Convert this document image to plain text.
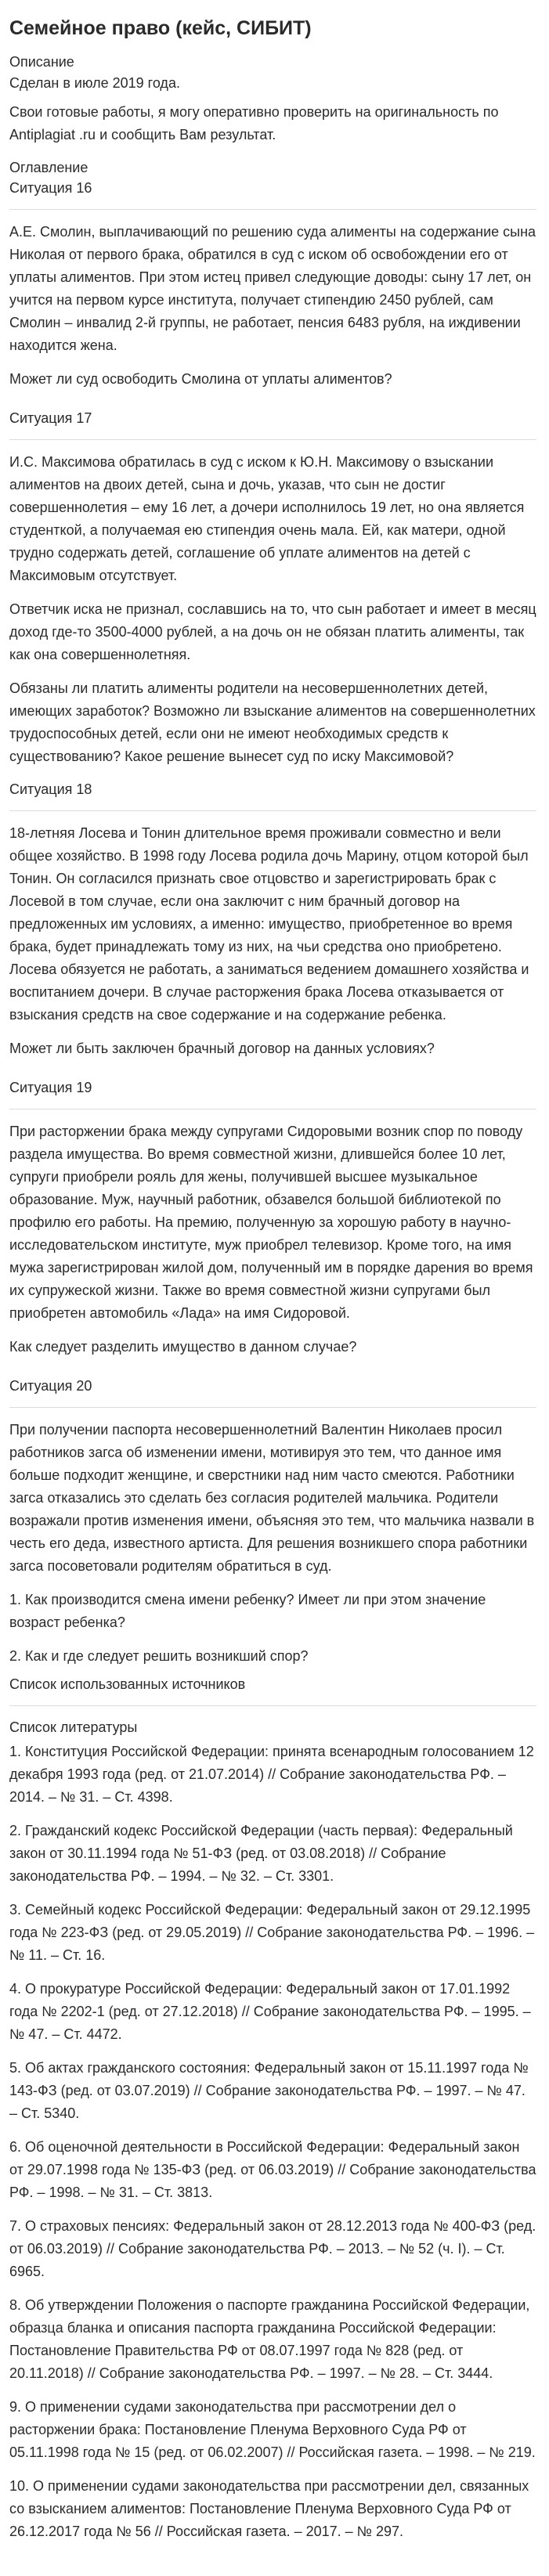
Семейное право (кейс, СИБИТ)
Описание

Сделан в июле 2019 года.

Свои готовые работы, я могу оперативно проверить на оригинальность по Antiplagiat .ru и сообщить Вам результат.

Оглавление
Ситуация 16

А.Е. Смолин, выплачивающий по решению суда алименты на содержание сына Николая от первого брака, обратился в суд с иском об освобождении его от уплаты алиментов. При этом истец привел следующие доводы: сыну 17 лет, он учится на первом курсе института, получает стипендию 2450 рублей, сам Смолин – инвалид 2-й группы, не работает, пенсия 6483 рубля, на иждивении находится жена.

Может ли суд освободить Смолина от уплаты алиментов?

Ситуация 17

И.С. Максимова обратилась в суд с иском к Ю.Н. Максимову о взыскании алиментов на двоих детей, сына и дочь, указав, что сын не достиг совершеннолетия – ему 16 лет, а дочери исполнилось 19 лет, но она является студенткой, а получаемая ею стипендия очень мала. Ей, как матери, одной трудно содержать детей, соглашение об уплате алиментов на детей с Максимовым отсутствует.

Ответчик иска не признал, сославшись на то, что сын работает и имеет в месяц доход где-то 3500-4000 рублей, а на дочь он не обязан платить алименты, так как она совершеннолетняя.

Обязаны ли платить алименты родители на несовершеннолетних детей, имеющих заработок? Возможно ли взыскание алиментов на совершеннолетних трудоспособных детей, если они не имеют необходимых средств к существованию? Какое решение вынесет суд по иску Максимовой?

Ситуация 18

18-летняя Лосева и Тонин длительное время проживали совместно и вели общее хозяйство. В 1998 году Лосева родила дочь Марину, отцом которой был Тонин. Он согласился признать свое отцовство и зарегистрировать брак с Лосевой в том случае, если она заключит с ним брачный договор на предложенных им условиях, а именно: имущество, приобретенное во время брака, будет принадлежать тому из них, на чьи средства оно приобретено. Лосева обязуется не работать, а заниматься ведением домашнего хозяйства и воспитанием дочери. В случае расторжения брака Лосева отказывается от взыскания средств на свое содержание и на содержание ребенка.

Может ли быть заключен брачный договор на данных условиях?

Ситуация 19

При расторжении брака между супругами Сидоровыми возник спор по поводу раздела имущества. Во время совместной жизни, длившейся более 10 лет, супруги приобрели рояль для жены, получившей высшее музыкальное образование. Муж, научный работник, обзавелся большой библиотекой по профилю его работы. На премию, полученную за хорошую работу в научно-исследовательском институте, муж приобрел телевизор. Кроме того, на имя мужа зарегистрирован жилой дом, полученный им в порядке дарения во время их супружеской жизни. Также во время совместной жизни супругами был приобретен автомобиль «Лада» на имя Сидоровой.

Как следует разделить имущество в данном случае?

Ситуация 20

При получении паспорта несовершеннолетний Валентин Николаев просил работников загса об изменении имени, мотивируя это тем, что данное имя больше подходит женщине, и сверстники над ним часто смеются. Работники загса отказались это сделать без согласия родителей мальчика. Родители возражали против изменения имени, объясняя это тем, что мальчика назвали в честь его деда, известного артиста. Для решения возникшего спора работники загса посоветовали родителям обратиться в суд.

1. Как производится смена имени ребенку? Имеет ли при этом значение возраст ребенка?

2. Как и где следует решить возникший спор?

Список использованных источников
Список литературы

1. Конституция Российской Федерации: принята всенародным голосованием 12 декабря 1993 года (ред. от 21.07.2014) // Собрание законодательства РФ. – 2014. – № 31. – Ст. 4398.

2. Гражданский кодекс Российской Федерации (часть первая): Федеральный закон от 30.11.1994 года № 51-ФЗ (ред. от 03.08.2018) // Собрание законодательства РФ. – 1994. – № 32. – Ст. 3301.

3. Семейный кодекс Российской Федерации: Федеральный закон от 29.12.1995 года № 223-ФЗ (ред. от 29.05.2019) // Собрание законодательства РФ. – 1996. – № 11. – Ст. 16.

4. О прокуратуре Российской Федерации: Федеральный закон от 17.01.1992 года № 2202-1 (ред. от 27.12.2018) // Собрание законодательства РФ. – 1995. – № 47. – Ст. 4472.

5. Об актах гражданского состояния: Федеральный закон от 15.11.1997 года № 143-ФЗ (ред. от 03.07.2019) // Собрание законодательства РФ. – 1997. – № 47. – Ст. 5340.

6. Об оценочной деятельности в Российской Федерации: Федеральный закон от 29.07.1998 года № 135-ФЗ (ред. от 06.03.2019) // Собрание законодательства РФ. – 1998. – № 31. – Ст. 3813.

7. О страховых пенсиях: Федеральный закон от 28.12.2013 года № 400-ФЗ (ред. от 06.03.2019) // Собрание законодательства РФ. – 2013. – № 52 (ч. I). – Ст. 6965.

8. Об утверждении Положения о паспорте гражданина Российской Федерации, образца бланка и описания паспорта гражданина Российской Федерации: Постановление Правительства РФ от 08.07.1997 года № 828 (ред. от 20.11.2018) // Собрание законодательства РФ. – 1997. – № 28. – Ст. 3444.

9. О применении судами законодательства при рассмотрении дел о расторжении брака: Постановление Пленума Верховного Суда РФ от 05.11.1998 года № 15 (ред. от 06.02.2007) // Российская газета. – 1998. – № 219.

10. О применении судами законодательства при рассмотрении дел, связанных со взысканием алиментов: Постановление Пленума Верховного Суда РФ от 26.12.2017 года № 56 // Российская газета. – 2017. – № 297.
